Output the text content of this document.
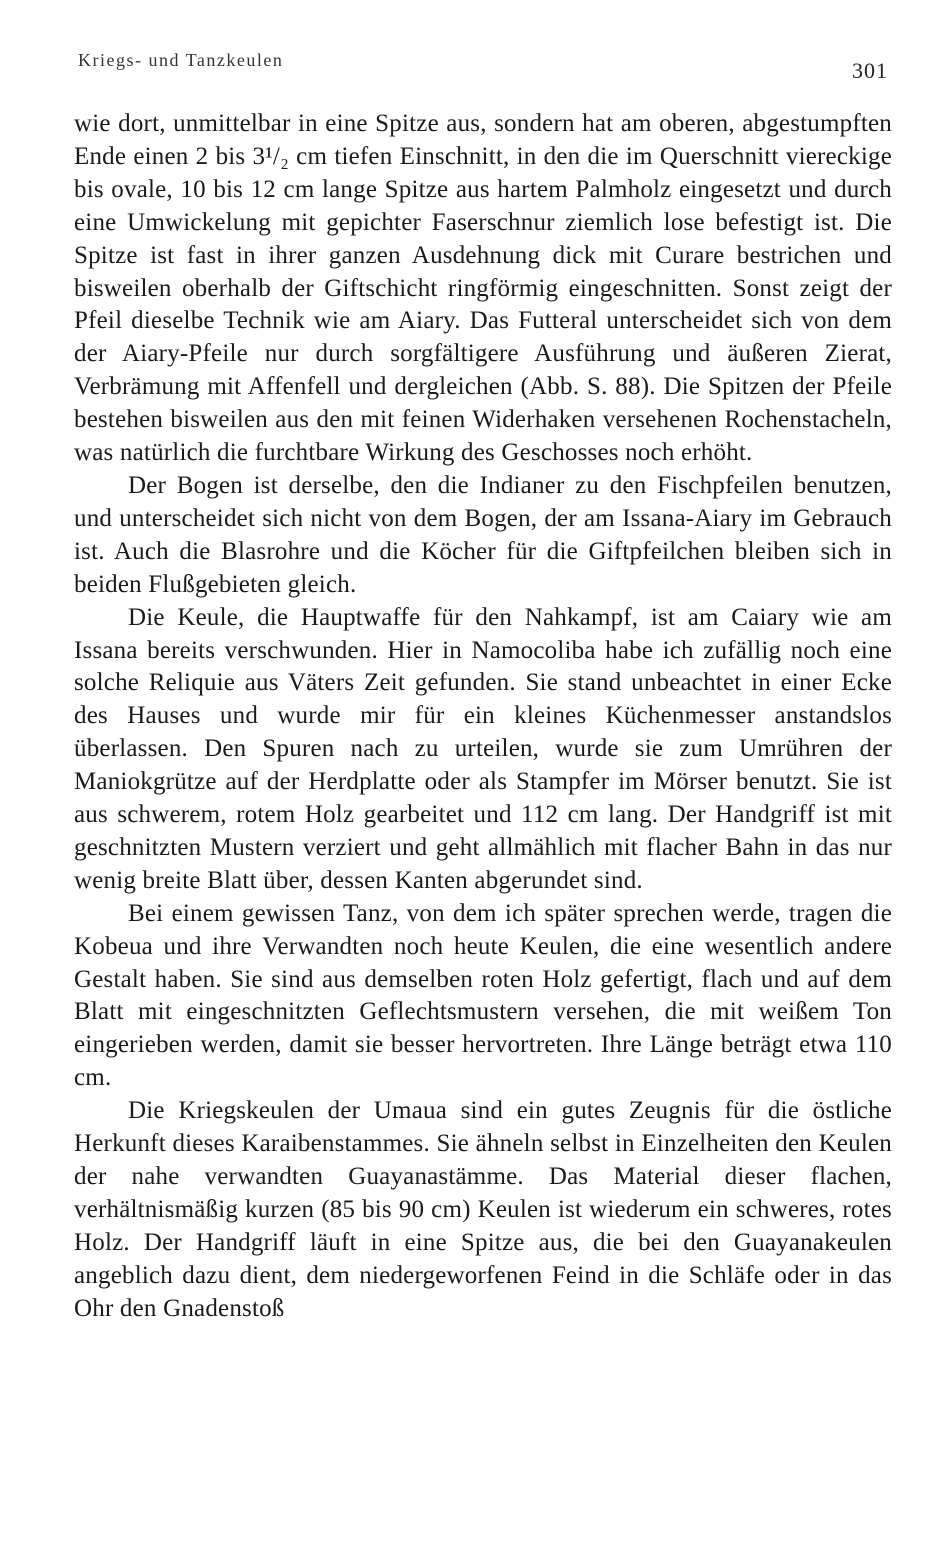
Kriegs- und Tanzkeulen	301

wie dort, unmittelbar in eine Spitze aus, sondern hat am oberen, abgestumpften Ende einen 2 bis 3¹/₂ cm tiefen Einschnitt, in den die im Querschnitt viereckige bis ovale, 10 bis 12 cm lange Spitze aus hartem Palmholz eingesetzt und durch eine Umwickelung mit gepichter Faserschnur ziemlich lose befestigt ist. Die Spitze ist fast in ihrer ganzen Ausdehnung dick mit Curare bestrichen und bisweilen oberhalb der Giftschicht ringförmig eingeschnitten. Sonst zeigt der Pfeil dieselbe Technik wie am Aiary. Das Futteral unterscheidet sich von dem der Aiary-Pfeile nur durch sorgfältigere Ausführung und äußeren Zierat, Verbrämung mit Affenfell und dergleichen (Abb. S. 88). Die Spitzen der Pfeile bestehen bisweilen aus den mit feinen Widerhaken versehenen Rochenstacheln, was natürlich die furchtbare Wirkung des Geschosses noch erhöht.

Der Bogen ist derselbe, den die Indianer zu den Fischpfeilen benutzen, und unterscheidet sich nicht von dem Bogen, der am Issana-Aiary im Gebrauch ist. Auch die Blasrohre und die Köcher für die Giftpfeilchen bleiben sich in beiden Flußgebieten gleich.

Die Keule, die Hauptwaffe für den Nahkampf, ist am Caiary wie am Issana bereits verschwunden. Hier in Namocoliba habe ich zufällig noch eine solche Reliquie aus Väters Zeit gefunden. Sie stand unbeachtet in einer Ecke des Hauses und wurde mir für ein kleines Küchenmesser anstandslos überlassen. Den Spuren nach zu urteilen, wurde sie zum Umrühren der Maniokgrütze auf der Herdplatte oder als Stampfer im Mörser benutzt. Sie ist aus schwerem, rotem Holz gearbeitet und 112 cm lang. Der Handgriff ist mit geschnitzten Mustern verziert und geht allmählich mit flacher Bahn in das nur wenig breite Blatt über, dessen Kanten abgerundet sind.

Bei einem gewissen Tanz, von dem ich später sprechen werde, tragen die Kobeua und ihre Verwandten noch heute Keulen, die eine wesentlich andere Gestalt haben. Sie sind aus demselben roten Holz gefertigt, flach und auf dem Blatt mit eingeschnitzten Geflechtsmustern versehen, die mit weißem Ton eingerieben werden, damit sie besser hervortreten. Ihre Länge beträgt etwa 110 cm.

Die Kriegskeulen der Umaua sind ein gutes Zeugnis für die östliche Herkunft dieses Karaibenstammes. Sie ähneln selbst in Einzelheiten den Keulen der nahe verwandten Guayanastämme. Das Material dieser flachen, verhältnismäßig kurzen (85 bis 90 cm) Keulen ist wiederum ein schweres, rotes Holz. Der Handgriff läuft in eine Spitze aus, die bei den Guayanakeulen angeblich dazu dient, dem niedergeworfenen Feind in die Schläfe oder in das Ohr den Gnadenstoß
